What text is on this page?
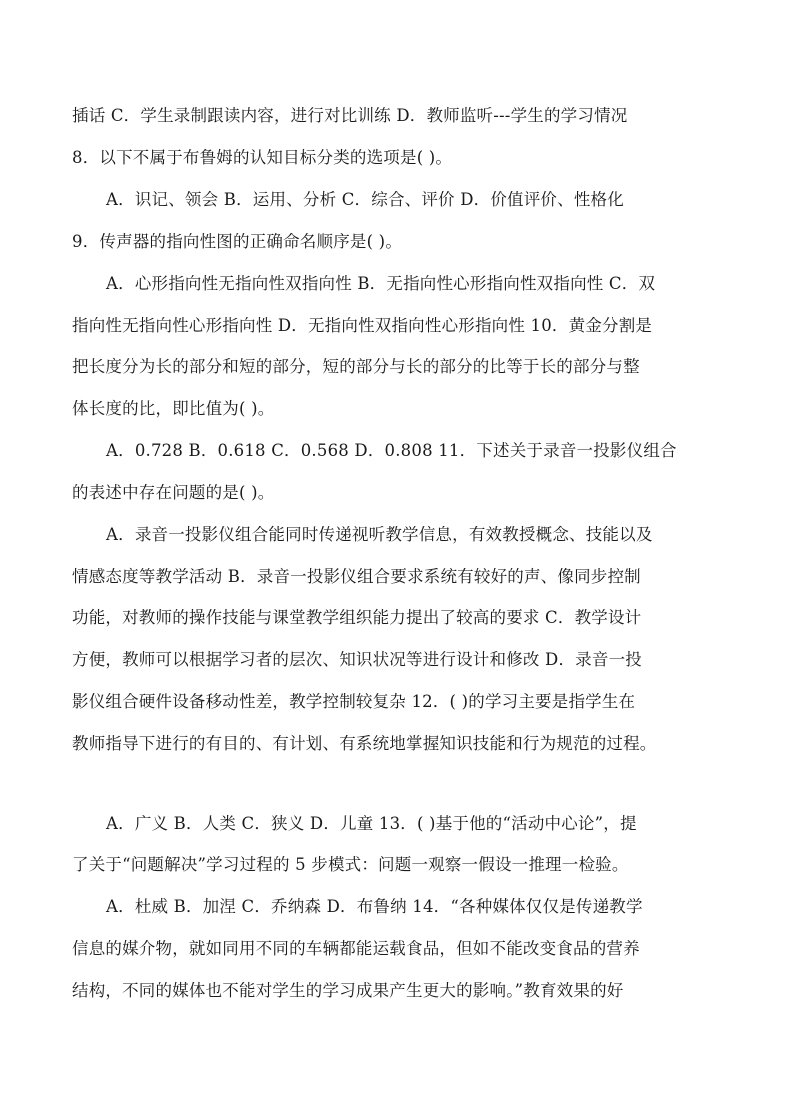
插话 C．学生录制跟读内容，进行对比训练 D．教师监听---学生的学习情况
8．以下不属于布鲁姆的认知目标分类的选项是( )。
A．识记、领会 B．运用、分析 C．综合、评价 D．价值评价、性格化
9．传声器的指向性图的正确命名顺序是( )。
A．心形指向性无指向性双指向性 B．无指向性心形指向性双指向性 C．双
指向性无指向性心形指向性 D．无指向性双指向性心形指向性 10．黄金分割是
把长度分为长的部分和短的部分，短的部分与长的部分的比等于长的部分与整
体长度的比，即比值为( )。
A．0.728 B．0.618 C．0.568 D．0.808 11．下述关于录音一投影仪组合
的表述中存在问题的是( )。
A．录音一投影仪组合能同时传递视听教学信息，有效教授概念、技能以及
情感态度等教学活动 B．录音一投影仪组合要求系统有较好的声、像同步控制
功能，对教师的操作技能与课堂教学组织能力提出了较高的要求 C．教学设计
方便，教师可以根据学习者的层次、知识状况等进行设计和修改 D．录音一投
影仪组合硬件设备移动性差，教学控制较复杂 12．( )的学习主要是指学生在
教师指导下进行的有目的、有计划、有系统地掌握知识技能和行为规范的过程。
A．广义 B．人类 C．狭义 D．儿童 13．( )基于他的“活动中心论”，提
了关于“问题解决”学习过程的 5 步模式：问题一观察一假设一推理一检验。
A．杜威 B．加涅 C．乔纳森 D．布鲁纳 14．“各种媒体仅仅是传递教学
信息的媒介物，就如同用不同的车辆都能运载食品，但如不能改变食品的营养
结构，不同的媒体也不能对学生的学习成果产生更大的影响。”教育效果的好
